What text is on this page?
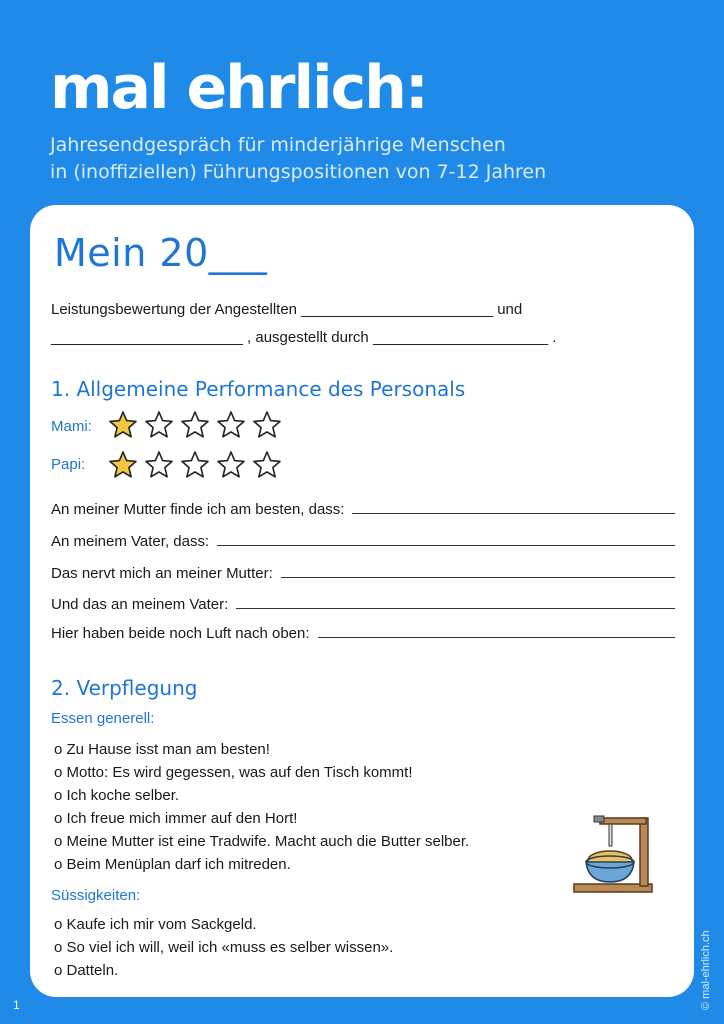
mal ehrlich:
Jahresendgespräch für minderjährige Menschen
in (inoffiziellen) Führungspositionen von 7-12 Jahren
Mein 20___
Leistungsbewertung der Angestellten _______________________ und
_______________________ , ausgestellt durch _____________________ .
1. Allgemeine Performance des Personals
Mami:
Papi:
An meiner Mutter finde ich am besten, dass:
An meinem Vater, dass:
Das nervt mich an meiner Mutter:
Und das an meinem Vater:
Hier haben beide noch Luft nach oben:
2. Verpflegung
Essen generell:
o Zu Hause isst man am besten!
o Motto: Es wird gegessen, was auf den Tisch kommt!
o Ich koche selber.
o Ich freue mich immer auf den Hort!
o Meine Mutter ist eine Tradwife. Macht auch die Butter selber.
o Beim Menüplan darf ich mitreden.
Süssigkeiten:
o Kaufe ich mir vom Sackgeld.
o So viel ich will, weil ich «muss es selber wissen».
o Datteln.	© mal-ehrlich.ch
1
